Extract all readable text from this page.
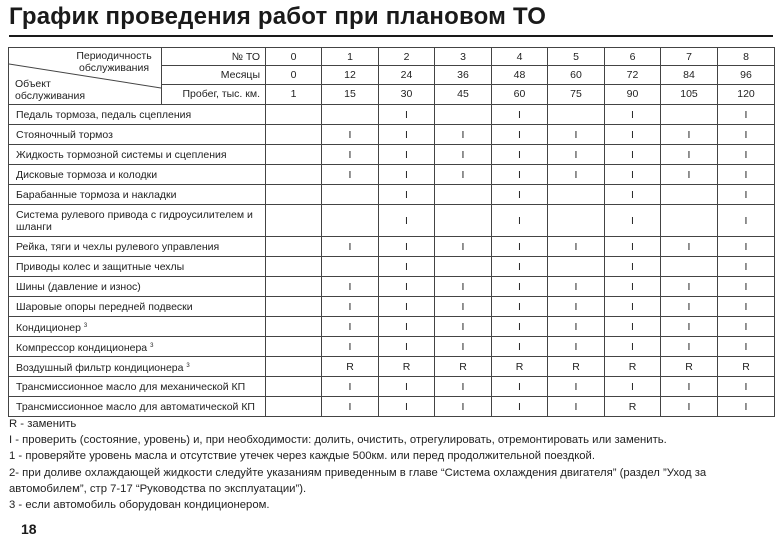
График проведения работ при плановом ТО
Периодичность обслуживания
Объект обслуживания	№ ТО	0	1	2	3	4	5	6	7	8
	Месяцы	0	12	24	36	48	60	72	84	96
	Пробег, тыс. км.	1	15	30	45	60	75	90	105	120
Педаль тормоза, педаль сцепления				I		I		I		I
Стояночный тормоз			I	I	I	I	I	I	I	I
Жидкость тормозной системы и сцепления			I	I	I	I	I	I	I	I
Дисковые тормоза и колодки			I	I	I	I	I	I	I	I
Барабанные тормоза и накладки				I		I		I		I
Система рулевого привода с гидроусилителем и шланги				I		I		I		I
Рейка, тяги и чехлы рулевого управления			I	I	I	I	I	I	I	I
Приводы колес и защитные чехлы				I		I		I		I
Шины (давление и износ)			I	I	I	I	I	I	I	I
Шаровые опоры передней подвески			I	I	I	I	I	I	I	I
Кондиционер $^3$			I	I	I	I	I	I	I	I
Компрессор кондиционера $^3$			I	I	I	I	I	I	I	I
Воздушный фильтр кондиционера $^3$			R	R	R	R	R	R	R	R
Трансмиссионное масло для механической КП			I	I	I	I	I	I	I	I
Трансмиссионное масло для автоматической КП			I	I	I	I	I	R	I	I

R - заменить

I - проверить (состояние, уровень) и, при необходимости: долить, очистить, отрегулировать, отремонтировать или заменить.

1 - проверяйте уровень масла и отсутствие утечек через каждые 500км. или перед продолжительной поездкой.

2- при доливе охлаждающей жидкости следуйте указаниям приведенным в главе “Система охлаждения двигателя” (раздел ”Уход за автомобилем”, стр 7-17 “Руководства по эксплуатации”).

3 - если автомобиль оборудован кондиционером.

18
